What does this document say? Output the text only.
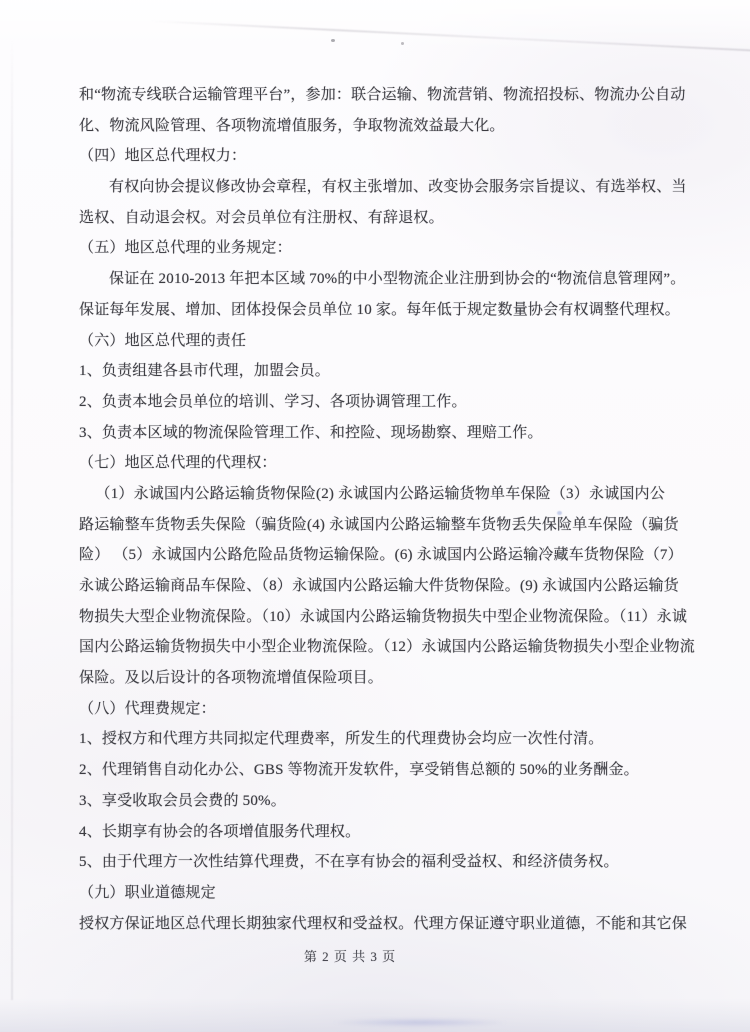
和“物流专线联合运输管理平台”，参加：联合运输、物流营销、物流招投标、物流办公自动

化、物流风险管理、各项物流增值服务，争取物流效益最大化。

（四）地区总代理权力：

有权向协会提议修改协会章程，有权主张增加、改变协会服务宗旨提议、有选举权、当

选权、自动退会权。对会员单位有注册权、有辞退权。

（五）地区总代理的业务规定：

保证在 2010-2013 年把本区域 70%的中小型物流企业注册到协会的“物流信息管理网”。

保证每年发展、增加、团体投保会员单位 10 家。每年低于规定数量协会有权调整代理权。

（六）地区总代理的责任

1、负责组建各县市代理，加盟会员。

2、负责本地会员单位的培训、学习、各项协调管理工作。

3、负责本区域的物流保险管理工作、和控险、现场勘察、理赔工作。

（七）地区总代理的代理权：

（1）永诚国内公路运输货物保险(2) 永诚国内公路运输货物单车保险（3）永诚国内公

路运输整车货物丢失保险（骗货险(4) 永诚国内公路运输整车货物丢失保险单车保险（骗货

险） （5）永诚国内公路危险品货物运输保险。(6) 永诚国内公路运输冷藏车货物保险（7）

永诚公路运输商品车保险、（8）永诚国内公路运输大件货物保险。(9) 永诚国内公路运输货

物损失大型企业物流保险。（10）永诚国内公路运输货物损失中型企业物流保险。（11）永诚

国内公路运输货物损失中小型企业物流保险。（12）永诚国内公路运输货物损失小型企业物流

保险。及以后设计的各项物流增值保险项目。

（八）代理费规定：

1、授权方和代理方共同拟定代理费率，所发生的代理费协会均应一次性付清。

2、代理销售自动化办公、GBS 等物流开发软件，享受销售总额的 50%的业务酬金。

3、享受收取会员会费的 50%。

4、长期享有协会的各项增值服务代理权。

5、由于代理方一次性结算代理费，不在享有协会的福利受益权、和经济债务权。

（九）职业道德规定

授权方保证地区总代理长期独家代理权和受益权。代理方保证遵守职业道德，不能和其它保

第 2 页 共 3 页
